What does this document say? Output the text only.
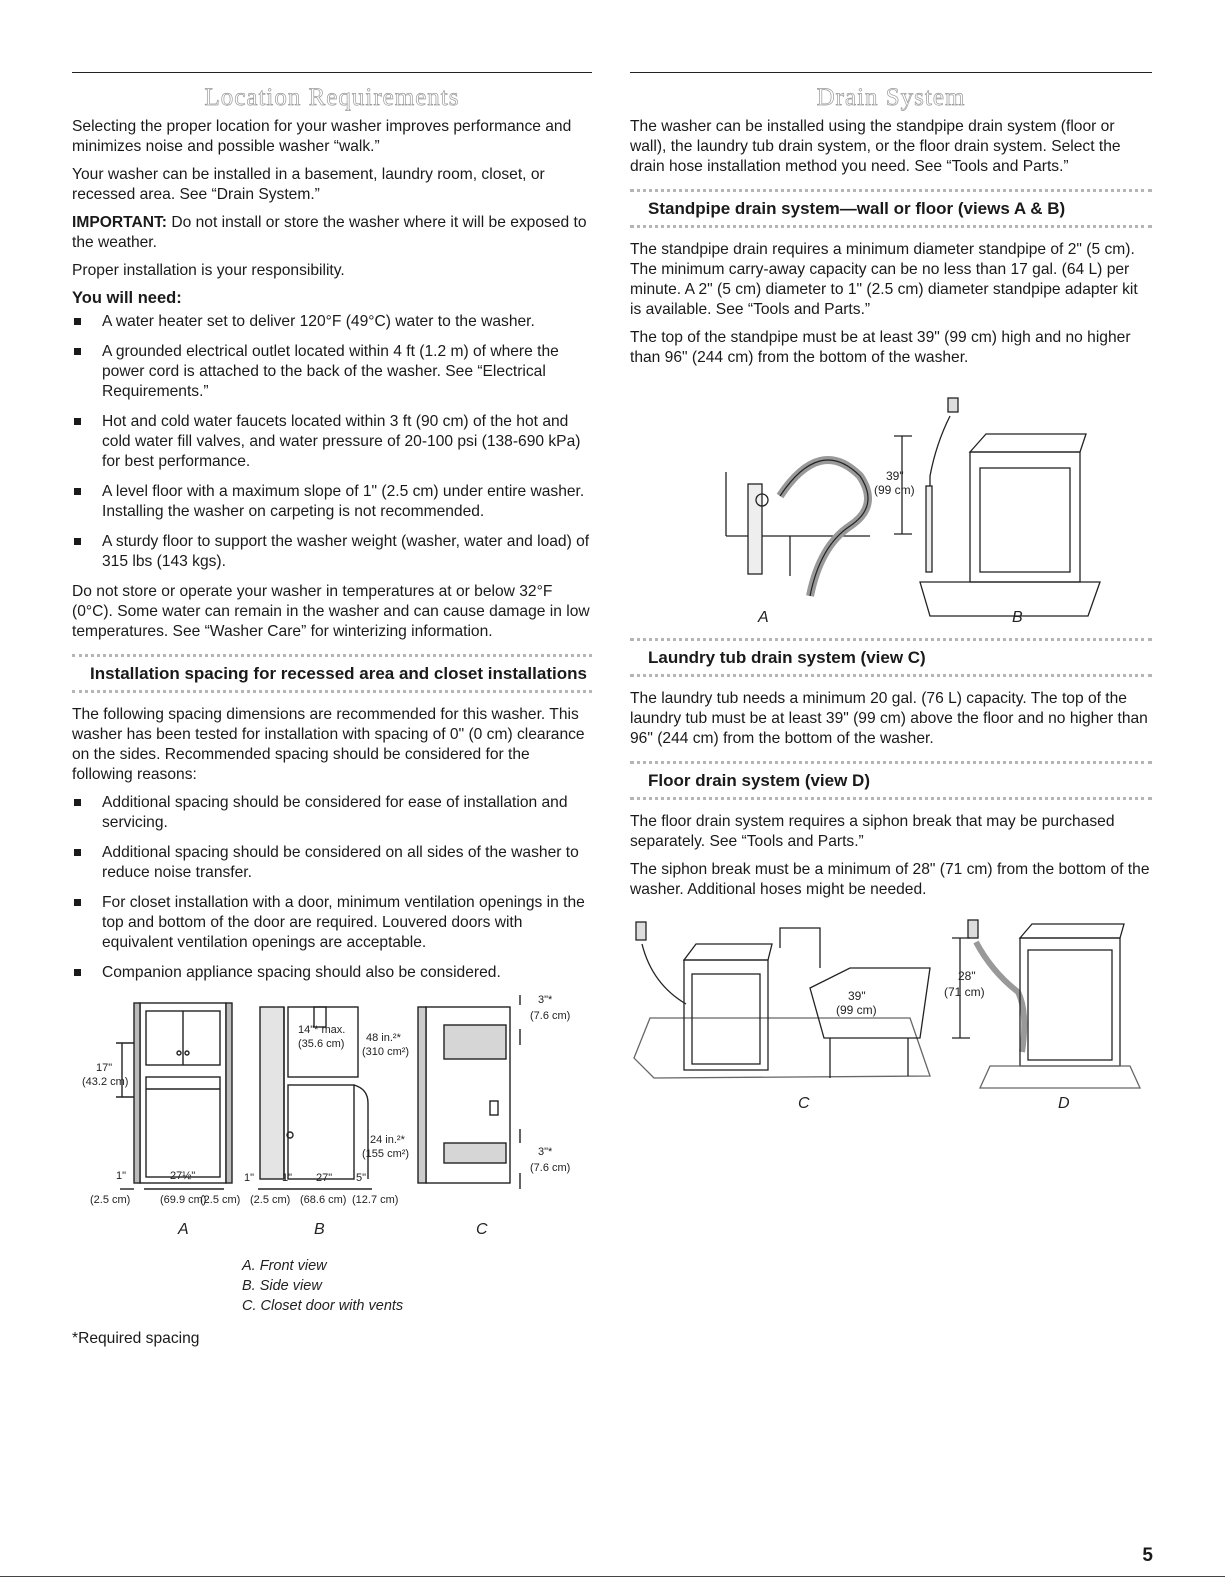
Location Requirements

Selecting the proper location for your washer improves performance and minimizes noise and possible washer “walk.”

Your washer can be installed in a basement, laundry room, closet, or recessed area. See “Drain System.”

IMPORTANT: Do not install or store the washer where it will be exposed to the weather.

Proper installation is your responsibility.

You will need:
A water heater set to deliver 120°F (49°C) water to the washer.
A grounded electrical outlet located within 4 ft (1.2 m) of where the power cord is attached to the back of the washer. See “Electrical Requirements.”
Hot and cold water faucets located within 3 ft (90 cm) of the hot and cold water fill valves, and water pressure of 20-100 psi (138-690 kPa) for best performance.
A level floor with a maximum slope of 1" (2.5 cm) under entire washer. Installing the washer on carpeting is not recommended.
A sturdy floor to support the washer weight (washer, water and load) of 315 lbs (143 kgs).

Do not store or operate your washer in temperatures at or below 32°F (0°C). Some water can remain in the washer and can cause damage in low temperatures. See “Washer Care” for winterizing information.

Installation spacing for recessed area and closet installations

The following spacing dimensions are recommended for this washer. This washer has been tested for installation with spacing of 0" (0 cm) clearance on the sides. Recommended spacing should be considered for the following reasons:

Additional spacing should be considered for ease of installation and servicing.
Additional spacing should be considered on all sides of the washer to reduce noise transfer.
For closet installation with a door, minimum ventilation openings in the top and bottom of the door are required. Louvered doors with equivalent ventilation openings are acceptable.
Companion appliance spacing should also be considered.
17"
(43.2 cm)
1"
(2.5 cm)
27½"
(69.9 cm)
14"* max.
(35.6 cm) 48 in.²*
(310 cm²)
24 in.²*
(155 cm²)
1"	1" 27" 5"
(2.5 cm) (2.5 cm) (68.6 cm) (12.7 cm)
3"*
(7.6 cm)
3"*
(7.6 cm)
A	B	C
A. Front view
B. Side view
C. Closet door with vents
*Required spacing
Drain System

The washer can be installed using the standpipe drain system (floor or wall), the laundry tub drain system, or the floor drain system. Select the drain hose installation method you need. See “Tools and Parts.”

Standpipe drain system—wall or floor (views A & B)

The standpipe drain requires a minimum diameter standpipe of 2" (5 cm). The minimum carry-away capacity can be no less than 17 gal. (64 L) per minute. A 2" (5 cm) diameter to 1" (2.5 cm) diameter standpipe adapter kit is available. See “Tools and Parts.”

The top of the standpipe must be at least 39" (99 cm) high and no higher than 96" (244 cm) from the bottom of the washer.

39"
(99 cm)
A	B
Laundry tub drain system (view C)

The laundry tub needs a minimum 20 gal. (76 L) capacity. The top of the laundry tub must be at least 39" (99 cm) above the floor and no higher than 96" (244 cm) from the bottom of the washer.

Floor drain system (view D)

The floor drain system requires a siphon break that may be purchased separately. See “Tools and Parts.”

The siphon break must be a minimum of 28" (71 cm) from the bottom of the washer. Additional hoses might be needed.

39"
(99 cm)
28"
(71 cm)
C	D
5
